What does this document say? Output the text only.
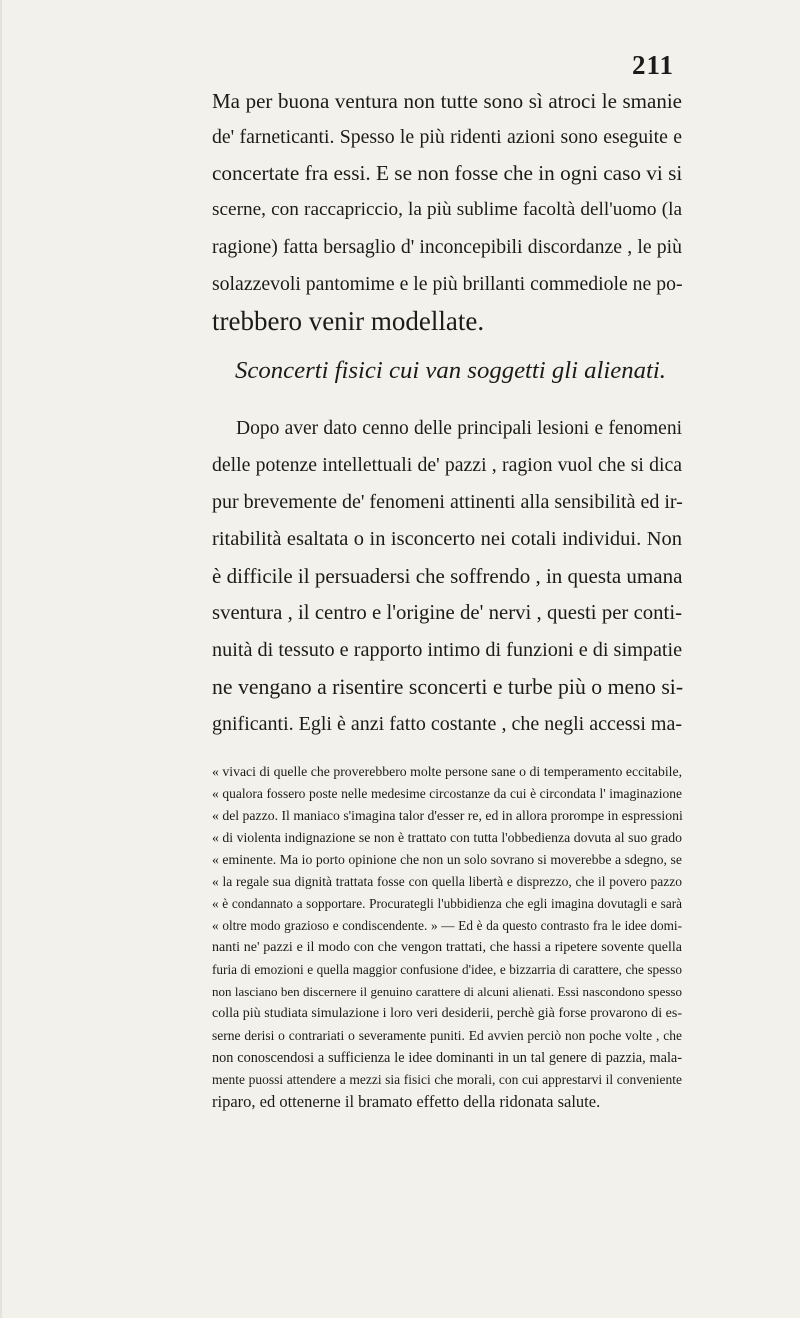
211
Ma per buona ventura non tutte sono sì atroci le smanie
de' farneticanti. Spesso le più ridenti azioni sono eseguite e
concertate fra essi. E se non fosse che in ogni caso vi si
scerne, con raccapriccio, la più sublime facoltà dell'uomo (la
ragione) fatta bersaglio d' inconcepibili discordanze , le più
solazzevoli pantomime e le più brillanti commediole ne po-
trebbero venir modellate.
Sconcerti fisici cui van soggetti gli alienati.
Dopo aver dato cenno delle principali lesioni e fenomeni
delle potenze intellettuali de' pazzi , ragion vuol che si dica
pur brevemente de' fenomeni attinenti alla sensibilità ed ir-
ritabilità esaltata o in isconcerto nei cotali individui. Non
è difficile il persuadersi che soffrendo , in questa umana
sventura , il centro e l'origine de' nervi , questi per conti-
nuità di tessuto e rapporto intimo di funzioni e di simpatie
ne vengano a risentire sconcerti e turbe più o meno si-
gnificanti. Egli è anzi fatto costante , che negli accessi ma-
« vivaci di quelle che proverebbero molte persone sane o di temperamento eccitabile,
« qualora fossero poste nelle medesime circostanze da cui è circondata l' imaginazione
« del pazzo. Il maniaco s'imagina talor d'esser re, ed in allora prorompe in espressioni
« di violenta indignazione se non è trattato con tutta l'obbedienza dovuta al suo grado
« eminente. Ma io porto opinione che non un solo sovrano si moverebbe a sdegno, se
« la regale sua dignità trattata fosse con quella libertà e disprezzo, che il povero pazzo
« è condannato a sopportare. Procurategli l'ubbidienza che egli imagina dovutagli e sarà
« oltre modo grazioso e condiscendente. » — Ed è da questo contrasto fra le idee domi-
nanti ne' pazzi e il modo con che vengon trattati, che hassi a ripetere sovente quella
furia di emozioni e quella maggior confusione d'idee, e bizzarria di carattere, che spesso
non lasciano ben discernere il genuino carattere di alcuni alienati. Essi nascondono spesso
colla più studiata simulazione i loro veri desiderii, perchè già forse provarono di es-
serne derisi o contrariati o severamente puniti. Ed avvien perciò non poche volte , che
non conoscendosi a sufficienza le idee dominanti in un tal genere di pazzia, mala-
mente puossi attendere a mezzi sia fisici che morali, con cui apprestarvi il conveniente
riparo, ed ottenerne il bramato effetto della ridonata salute.
